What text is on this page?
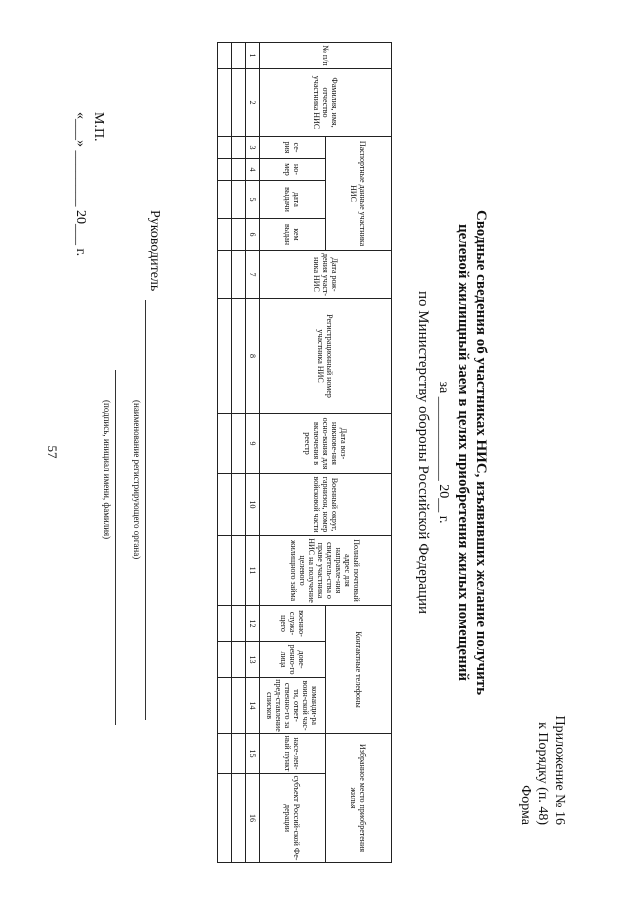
57
Приложение № 16
к Порядку (п. 48)
Форма
Сводные сведения об участниках НИС, изъявивших желание получить
целевой жилищный заем в целях приобретения жилых помещений
за ____________ 20__ г.
по Министерству обороны Российской Федерации
№ п/п	Фамилия, имя, отчество участника НИС	Паспортные данные участника НИС				Дата рож-дения участ-ника НИС	Регистрационный номер участника НИС	Дата воз-никнове-ния осно-вания для включения в реестр	Военный округ, гарнизон, номер войсковой части	Полный почтовый адрес для направле-ния свидетель-ства о праве участника НИС на получение целевого жилищного займа	Контактные телефоны			Избранное место приобретения жилья	
		се-рия	но-мер	дата выдачи	кем выдан						военно-служа-щего	дове-ренно-го лица	команди-ра воин-ской час-ти, ответ-ственно-го за пред-ставление списков	насе-лен-ный пункт	субъект Россий-ской Фе-дерации
1	2	3	4	5	6	7	8	9	10	11	12	13	14	15	16

Руководитель
(наименование регистрирующего органа)
(подпись, инициал имени, фамилия)
М.П.
«___» ________ 20___ г.
